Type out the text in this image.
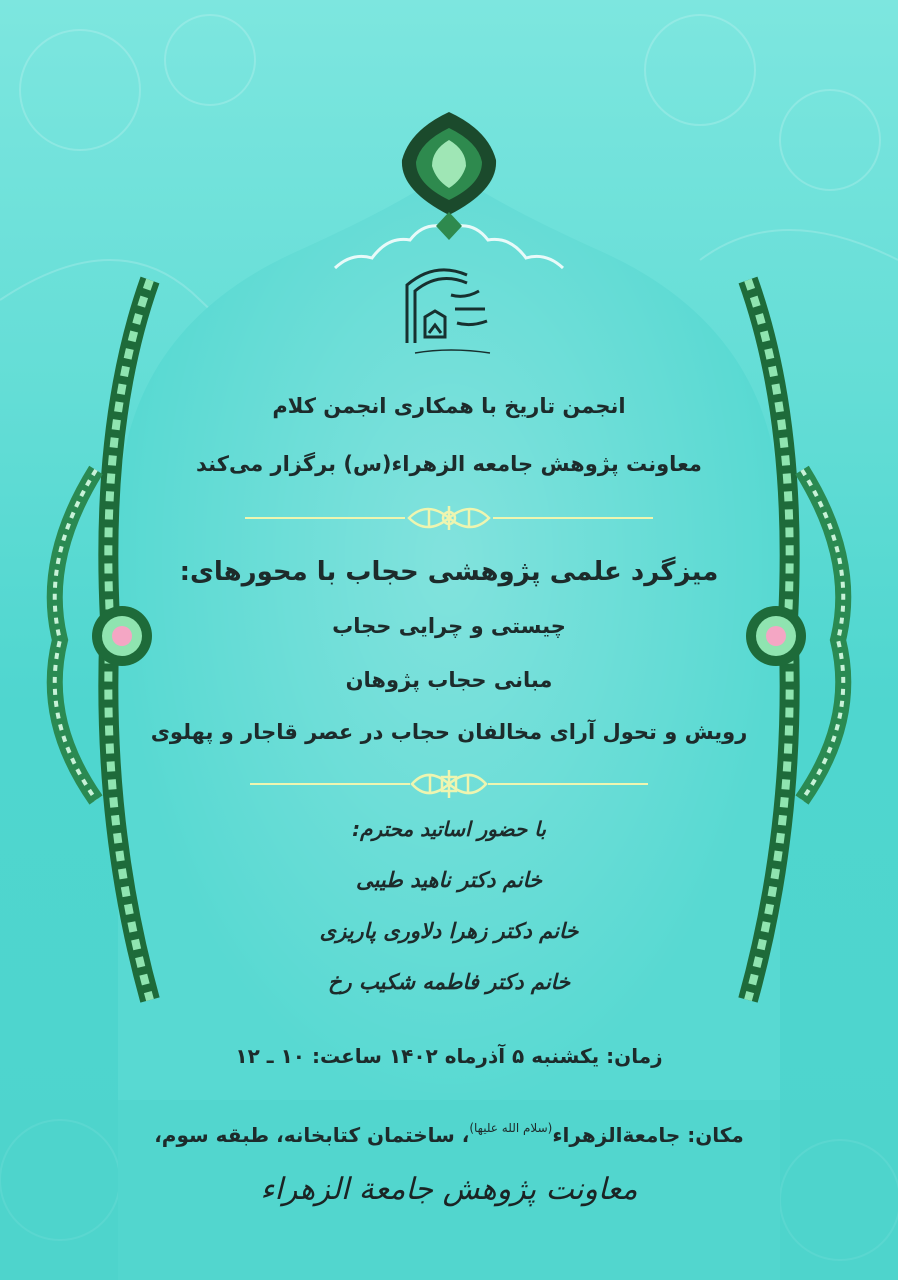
انجمن تاریخ با همکاری انجمن کلام
معاونت پژوهش جامعه الزهراء(س) برگزار می‌کند
میزگرد علمی پژوهشی حجاب با محورهای:
چیستی و چرایی حجاب
مبانی حجاب پژوهان
رویش و تحول آرای مخالفان حجاب در عصر قاجار و پهلوی
با حضور اساتید محترم:
خانم دکتر ناهید طیبی
خانم دکتر زهرا دلاوری پاریزی
خانم دکتر فاطمه شکیب رخ
زمان: یکشنبه ۵ آذرماه ۱۴۰۲ ساعت: ۱۰ ـ ۱۲
مکان: جامعةالزهراء$^{(سلام الله علیها)}$، ساختمان کتابخانه، طبقه سوم،
معاونت پژوهش جامعة الزهراء
